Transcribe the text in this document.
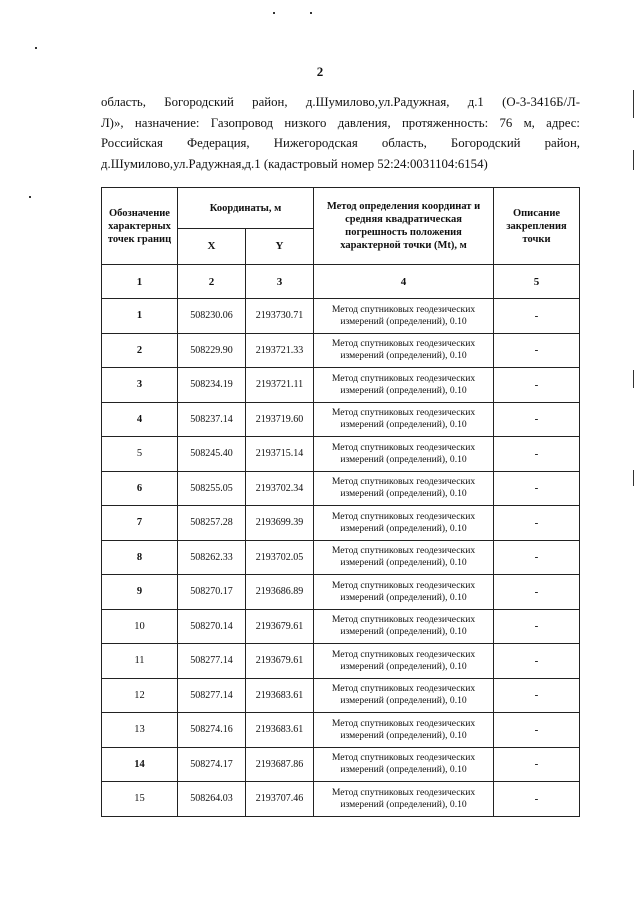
2

область, Богородский район, д.Шумилово,ул.Радужная, д.1 (О-3-3416Б/Л-
Л)», назначение: Газопровод низкого давления, протяженность: 76 м, адрес:
Российская Федерация, Нижегородская область, Богородский район,
д.Шумилово,ул.Радужная,д.1 (кадастровый номер 52:24:0031104:6154)

Обозначение характерных точек границ	Координаты, м		Метод определения координат и средняя квадратическая погрешность положения характерной точки (Mt), м	Описание закрепления точки
	X	Y		
1	2	3	4	5
1	508230.06	2193730.71	Метод спутниковых геодезических измерений (определений), 0.10	-
2	508229.90	2193721.33	Метод спутниковых геодезических измерений (определений), 0.10	-
3	508234.19	2193721.11	Метод спутниковых геодезических измерений (определений), 0.10	-
4	508237.14	2193719.60	Метод спутниковых геодезических измерений (определений), 0.10	-
5	508245.40	2193715.14	Метод спутниковых геодезических измерений (определений), 0.10	-
6	508255.05	2193702.34	Метод спутниковых геодезических измерений (определений), 0.10	-
7	508257.28	2193699.39	Метод спутниковых геодезических измерений (определений), 0.10	-
8	508262.33	2193702.05	Метод спутниковых геодезических измерений (определений), 0.10	-
9	508270.17	2193686.89	Метод спутниковых геодезических измерений (определений), 0.10	-
10	508270.14	2193679.61	Метод спутниковых геодезических измерений (определений), 0.10	-
11	508277.14	2193679.61	Метод спутниковых геодезических измерений (определений), 0.10	-
12	508277.14	2193683.61	Метод спутниковых геодезических измерений (определений), 0.10	-
13	508274.16	2193683.61	Метод спутниковых геодезических измерений (определений), 0.10	-
14	508274.17	2193687.86	Метод спутниковых геодезических измерений (определений), 0.10	-
15	508264.03	2193707.46	Метод спутниковых геодезических измерений (определений), 0.10	-
